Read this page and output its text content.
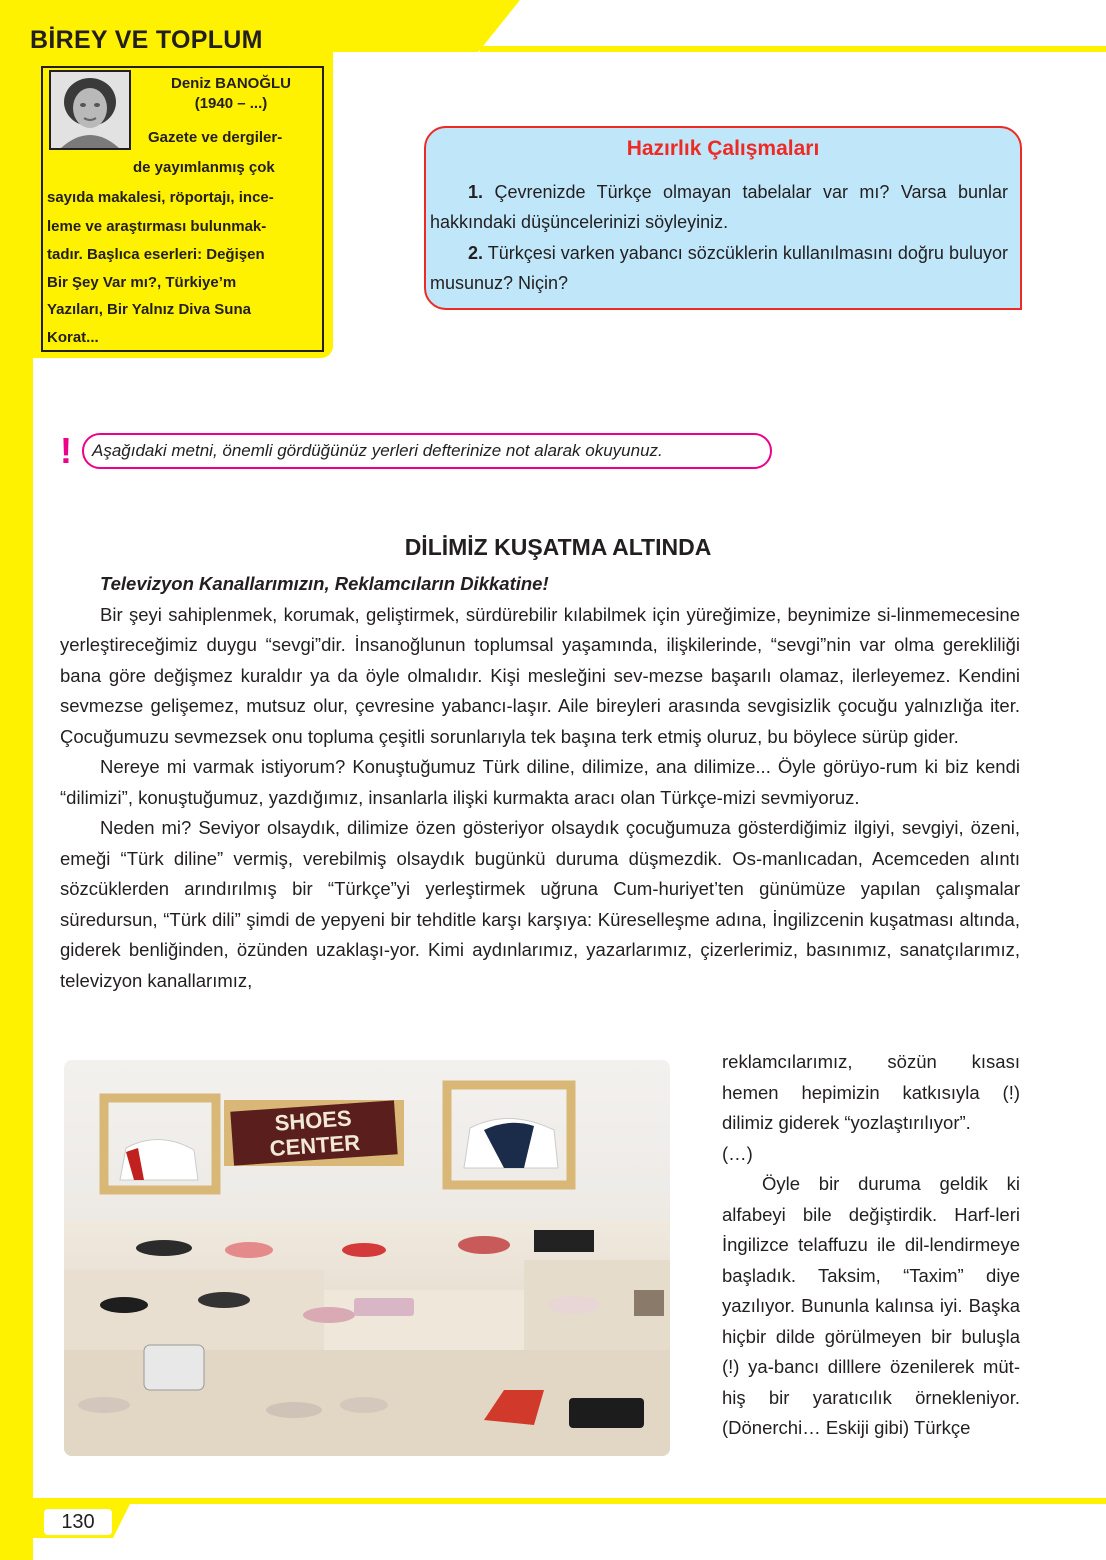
130
BİREY VE TOPLUM
Deniz BANOĞLU
(1940 – ...)
Gazete ve dergiler-
de yayımlanmış çok
sayıda makalesi, röportajı, ince-
leme ve araştırması bulunmak-
tadır. Başlıca eserleri: Değişen
Bir Şey Var mı?, Türkiye’m
Yazıları, Bir Yalnız Diva Suna
Korat...
Hazırlık Çalışmaları
1. Çevrenizde Türkçe olmayan tabelalar var mı? Varsa bunlar hakkındaki düşüncelerinizi söyleyiniz.
2. Türkçesi varken yabancı sözcüklerin kullanılmasını doğru buluyor musunuz? Niçin?
! Aşağıdaki metni, önemli gördüğünüz yerleri defterinize not alarak okuyunuz.
DİLİMİZ KUŞATMA ALTINDA

Televizyon Kanallarımızın, Reklamcıların Dikkatine!

Bir şeyi sahiplenmek, korumak, geliştirmek, sürdürebilir kılabilmek için yüreğimize, beynimize si-linmemecesine yerleştireceğimiz duygu “sevgi”dir. İnsanoğlunun toplumsal yaşamında, ilişkilerinde, “sevgi”nin var olma gerekliliği bana göre değişmez kuraldır ya da öyle olmalıdır. Kişi mesleğini sev-mezse başarılı olamaz, ilerleyemez. Kendini sevmezse gelişemez, mutsuz olur, çevresine yabancı-laşır. Aile bireyleri arasında sevgisizlik çocuğu yalnızlığa iter. Çocuğumuzu sevmezsek onu topluma çeşitli sorunlarıyla tek başına terk etmiş oluruz, bu böylece sürüp gider.

Nereye mi varmak istiyorum? Konuştuğumuz Türk diline, dilimize, ana dilimize... Öyle görüyo-rum ki biz kendi “dilimizi”, konuştuğumuz, yazdığımız, insanlarla ilişki kurmakta aracı olan Türkçe-mizi sevmiyoruz.

Neden mi? Seviyor olsaydık, dilimize özen gösteriyor olsaydık çocuğumuza gösterdiğimiz ilgiyi, sevgiyi, özeni, emeği “Türk diline” vermiş, verebilmiş olsaydık bugünkü duruma düşmezdik. Os-manlıcadan, Acemceden alıntı sözcüklerden arındırılmış bir “Türkçe”yi yerleştirmek uğruna Cum-huriyet’ten günümüze yapılan çalışmalar süredursun, “Türk dili” şimdi de yepyeni bir tehditle karşı karşıya: Küreselleşme adına, İngilizcenin kuşatması altında, giderek benliğinden, özünden uzaklaşı-yor. Kimi aydınlarımız, yazarlarımız, çizerlerimiz, basınımız, sanatçılarımız, televizyon kanallarımız,

reklamcılarımız, sözün kısası hemen hepimizin katkısıyla (!) dilimiz giderek “yozlaştırılıyor”.

(…)

Öyle bir duruma geldik ki alfabeyi bile değiştirdik. Harf-leri İngilizce telaffuzu ile dil-lendirmeye başladık. Taksim, “Taxim” diye yazılıyor. Bununla kalınsa iyi. Başka hiçbir dilde görülmeyen bir buluşla (!) ya-bancı dilllere özenilerek müt-hiş bir yaratıcılık örnekleniyor. (Dönerchi… Eskiji gibi) Türkçe

SHOES
CENTER
